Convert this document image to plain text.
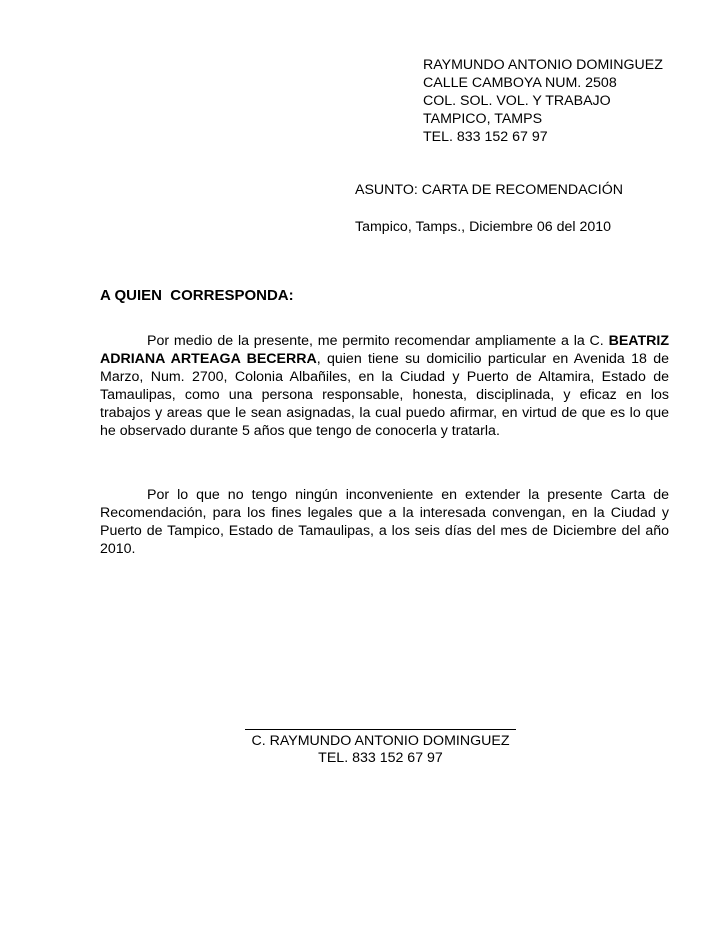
RAYMUNDO ANTONIO DOMINGUEZ
CALLE CAMBOYA NUM. 2508
COL. SOL. VOL. Y TRABAJO
TAMPICO, TAMPS
TEL. 833 152 67 97
ASUNTO: CARTA DE RECOMENDACIÓN
Tampico, Tamps., Diciembre 06 del 2010
A QUIEN  CORRESPONDA:

Por medio de la presente, me permito recomendar ampliamente a la C. BEATRIZ ADRIANA ARTEAGA BECERRA, quien tiene su domicilio particular en Avenida 18 de Marzo, Num. 2700, Colonia Albañiles, en la Ciudad y Puerto de Altamira, Estado de Tamaulipas, como una persona responsable, honesta, disciplinada, y eficaz en los trabajos y areas que le sean asignadas, la cual puedo afirmar, en virtud de que es lo que he observado durante 5 años que tengo de conocerla y tratarla.

Por lo que no tengo ningún inconveniente en extender la presente Carta de Recomendación, para los fines legales que a la interesada convengan, en la Ciudad y Puerto de Tampico, Estado de Tamaulipas, a los seis días del mes de Diciembre del año 2010.

C. RAYMUNDO ANTONIO DOMINGUEZ
TEL. 833 152 67 97
